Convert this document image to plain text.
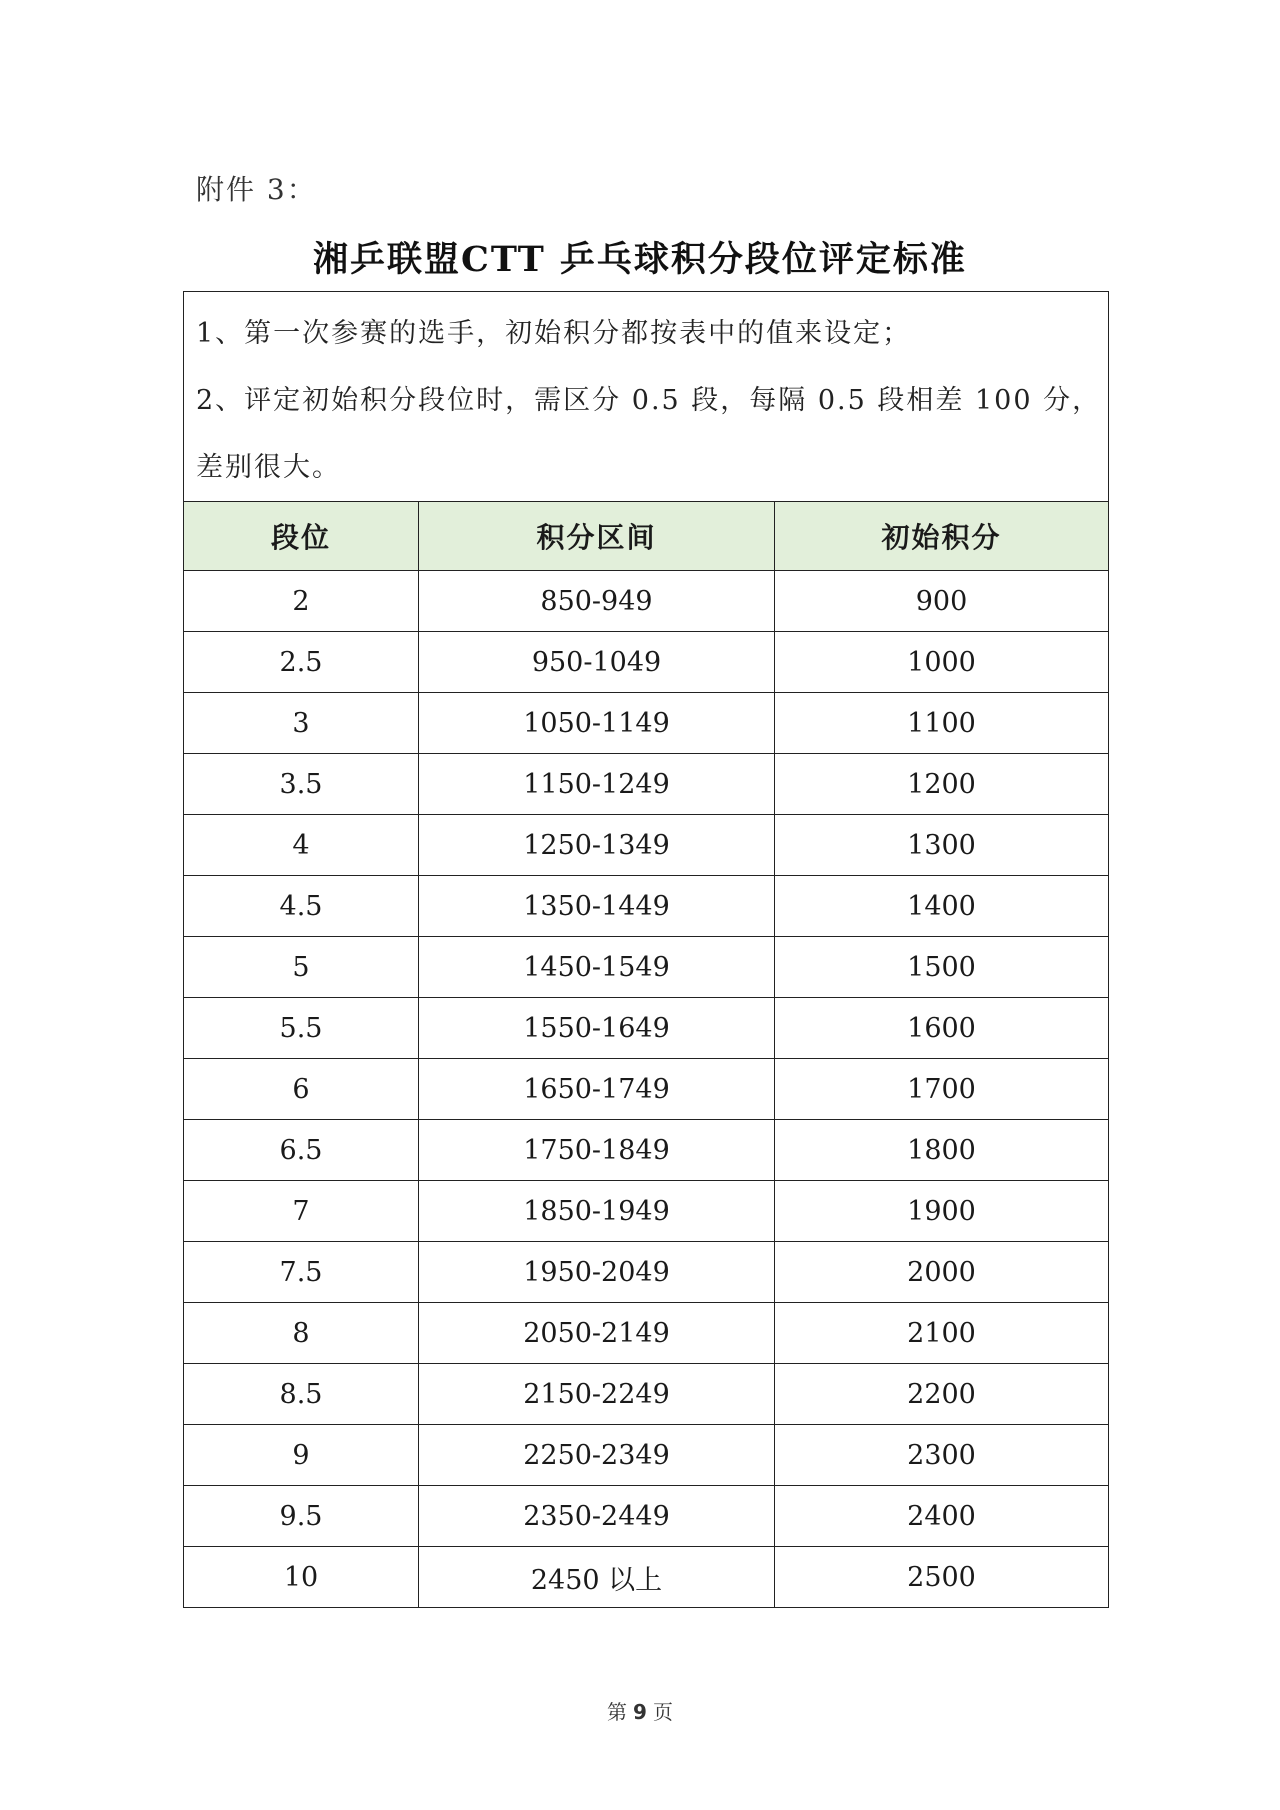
附件 3：
湘乒联盟CTT 乒乓球积分段位评定标准
1、第一次参赛的选手，初始积分都按表中的值来设定；
2、评定初始积分段位时，需区分 0.5 段，每隔 0.5 段相差 100 分，
差别很大。		

段位	积分区间	初始积分
2	850-949	900
2.5	950-1049	1000
3	1050-1149	1100
3.5	1150-1249	1200
4	1250-1349	1300
4.5	1350-1449	1400
5	1450-1549	1500
5.5	1550-1649	1600
6	1650-1749	1700
6.5	1750-1849	1800
7	1850-1949	1900
7.5	1950-2049	2000
8	2050-2149	2100
8.5	2150-2249	2200
9	2250-2349	2300
9.5	2350-2449	2400
10	2450 以上	2500
第 9 页
